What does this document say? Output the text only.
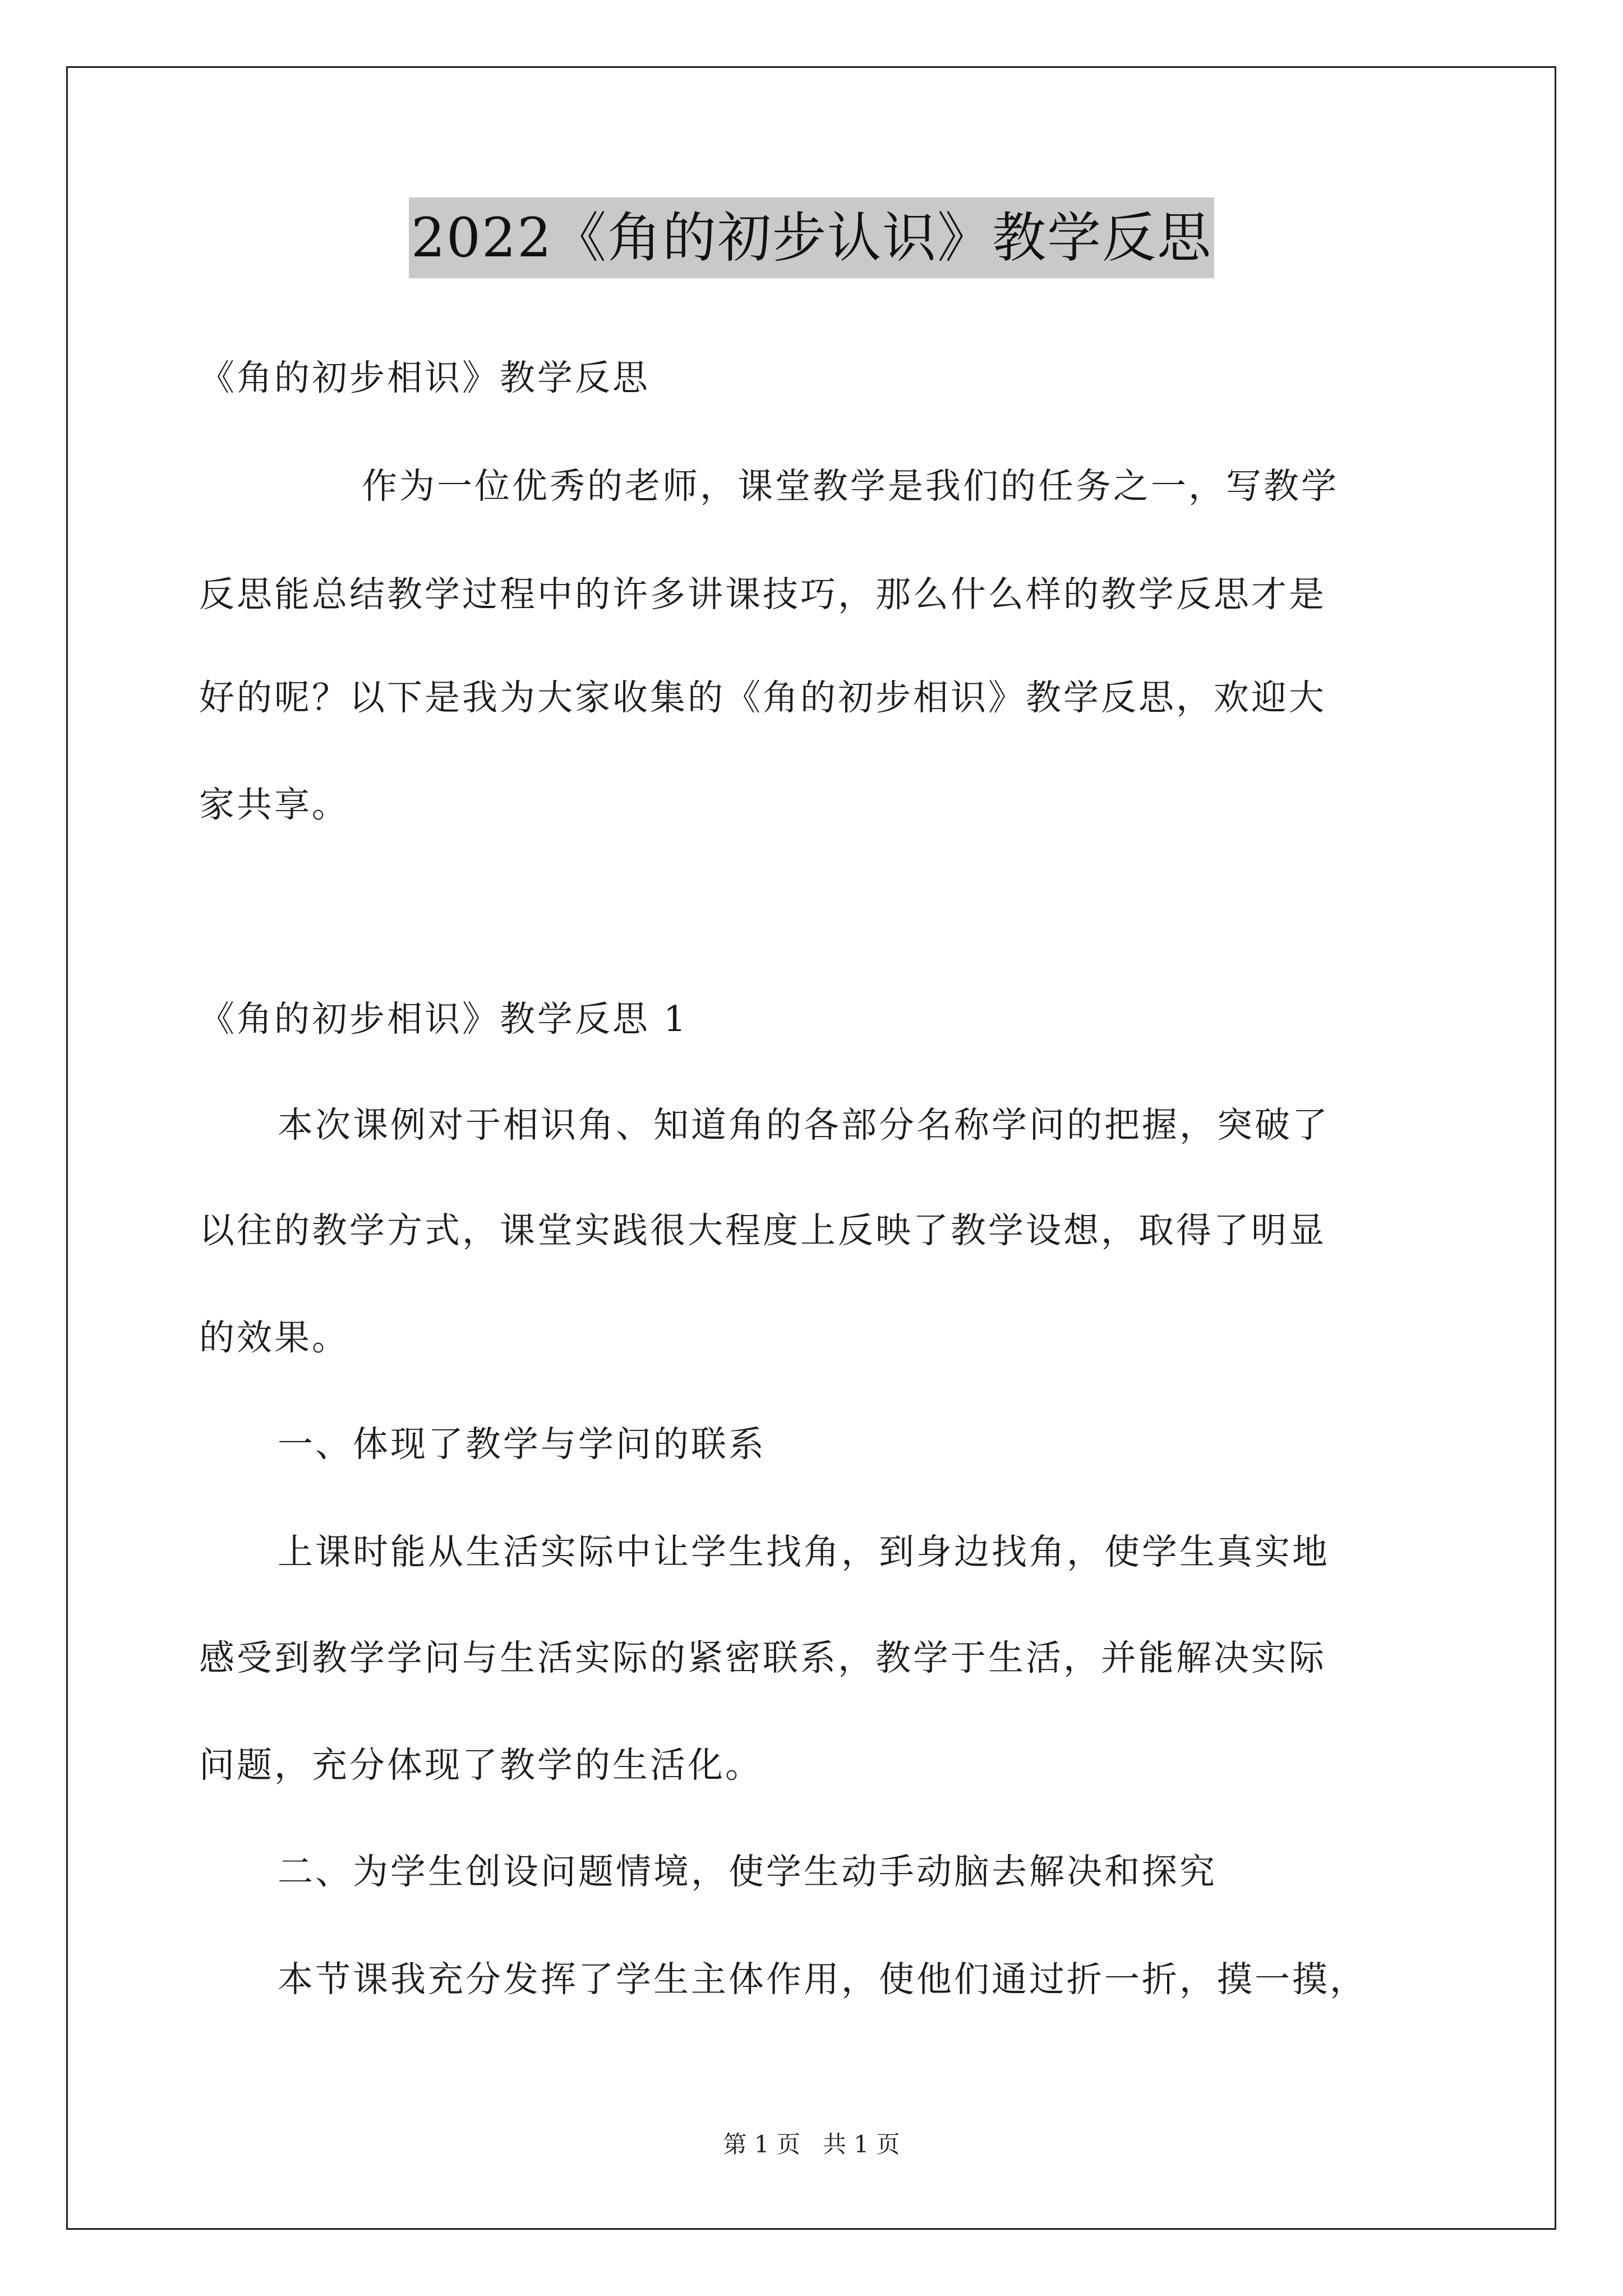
2022《角的初步认识》教学反思
《角的初步相识》教学反思
作为一位优秀的老师，课堂教学是我们的任务之一，写教学
反思能总结教学过程中的许多讲课技巧，那么什么样的教学反思才是
好的呢？以下是我为大家收集的《角的初步相识》教学反思，欢迎大
家共享。
《角的初步相识》教学反思 1
本次课例对于相识角、知道角的各部分名称学问的把握，突破了
以往的教学方式，课堂实践很大程度上反映了教学设想，取得了明显
的效果。
一、体现了教学与学问的联系
上课时能从生活实际中让学生找角，到身边找角，使学生真实地
感受到教学学问与生活实际的紧密联系，教学于生活，并能解决实际
问题，充分体现了教学的生活化。
二、为学生创设问题情境，使学生动手动脑去解决和探究
本节课我充分发挥了学生主体作用，使他们通过折一折，摸一摸，
第 1 页   共 1 页
